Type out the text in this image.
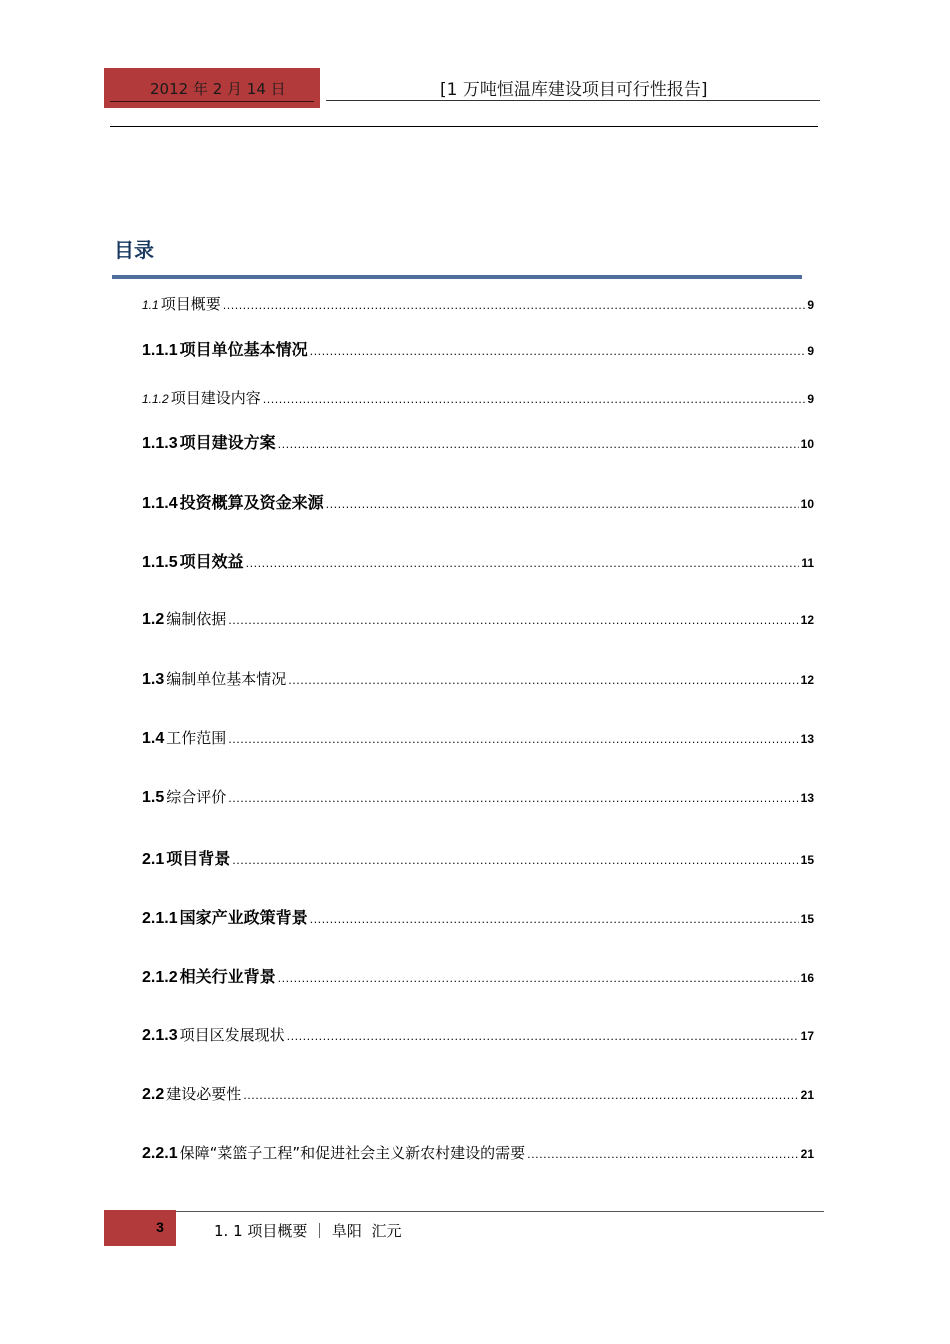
2012 年 2 月 14 日	[1 万吨恒温库建设项目可行性报告]
目录
1.1 项目概要 .....	9
1.1.1 项目单位基本情况 .....	9
1.1.2 项目建设内容 .....	9
1.1.3 项目建设方案 .....	10
1.1.4 投资概算及资金来源 .....	10
1.1.5 项目效益 .....	11
1.2 编制依据 .....	12
1.3 编制单位基本情况 .....	12
1.4 工作范围 .....	13
1.5 综合评价 .....	13
2.1 项目背景 .....	15
2.1.1 国家产业政策背景 .....	15
2.1.2 相关行业背景 .....	16
2.1.3 项目区发展现状 .....	17
2.2 建设必要性 .....	21
2.2.1 保障“菜篮子工程”和促进社会主义新农村建设的需要 .....	21
3	1. 1 项目概要 ｜ 阜阳  汇元
